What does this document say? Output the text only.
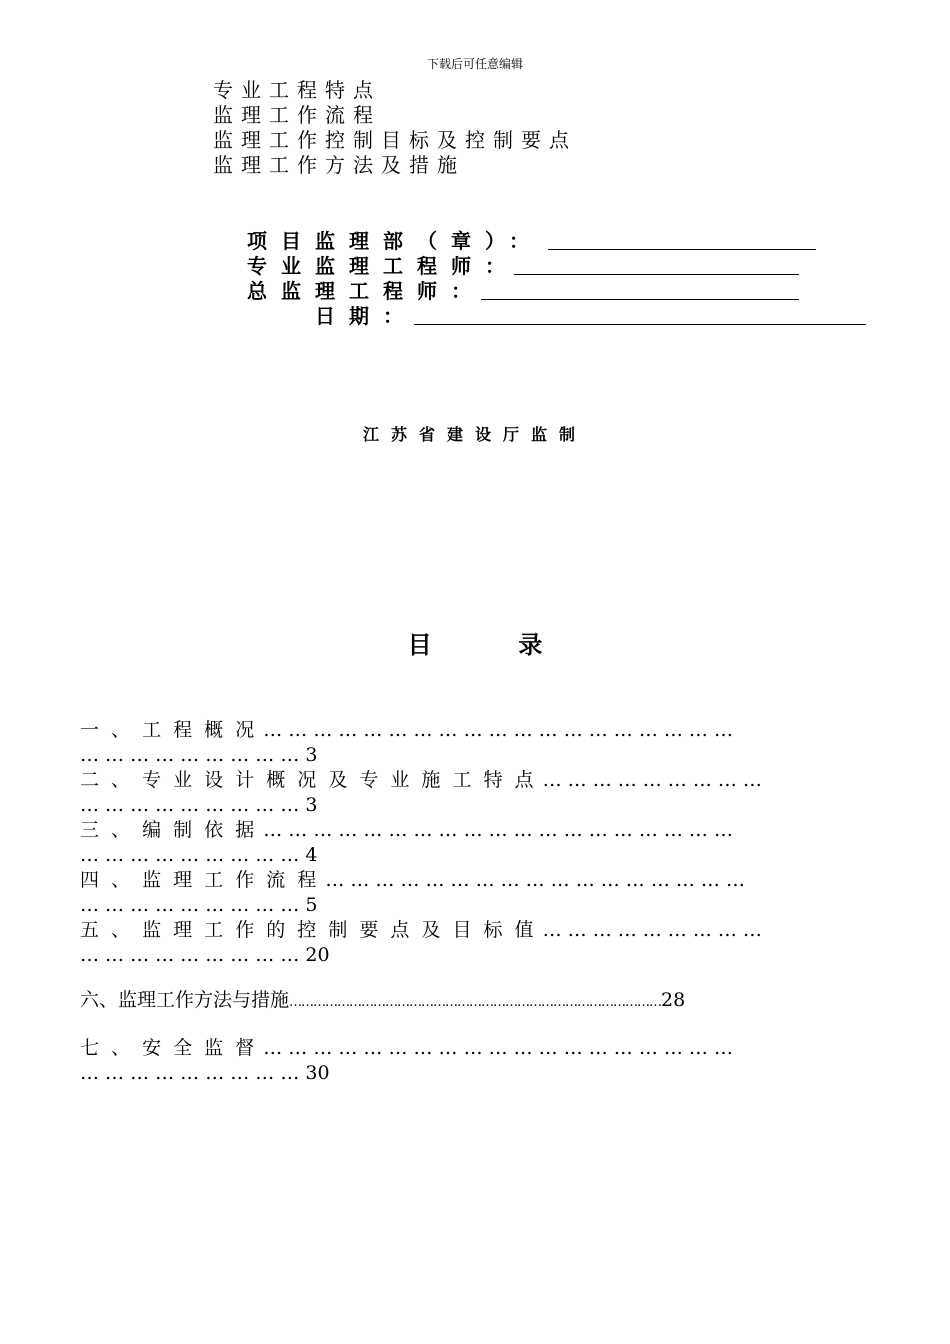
下载后可任意编辑
专业工程特点
监理工作流程
监理工作控制目标及控制要点
监理工作方法及措施
项目监理部（章）：
专业监理工程师：
总监理工程师：
日期：
江苏省建设厅监制
目	录
一 、 工 程 概 况 … … … … … … … … … … … … … … … … … … …
… … … … … … … … … 3
二 、 专 业 设 计 概 况 及 专 业 施 工 特 点 … … … … … … … … …
… … … … … … … … … 3
三 、 编 制 依 据 … … … … … … … … … … … … … … … … … … …
… … … … … … … … … 4
四 、 监 理 工 作 流 程 … … … … … … … … … … … … … … … … …
… … … … … … … … … 5
五 、 监 理 工 作 的 控 制 要 点 及 目 标 值 … … … … … … … … …
… … … … … … … … … 20
六、监理工作方法与措施…………………………………………………………………………………28
七 、 安 全 监 督 … … … … … … … … … … … … … … … … … … …
… … … … … … … … … 30
